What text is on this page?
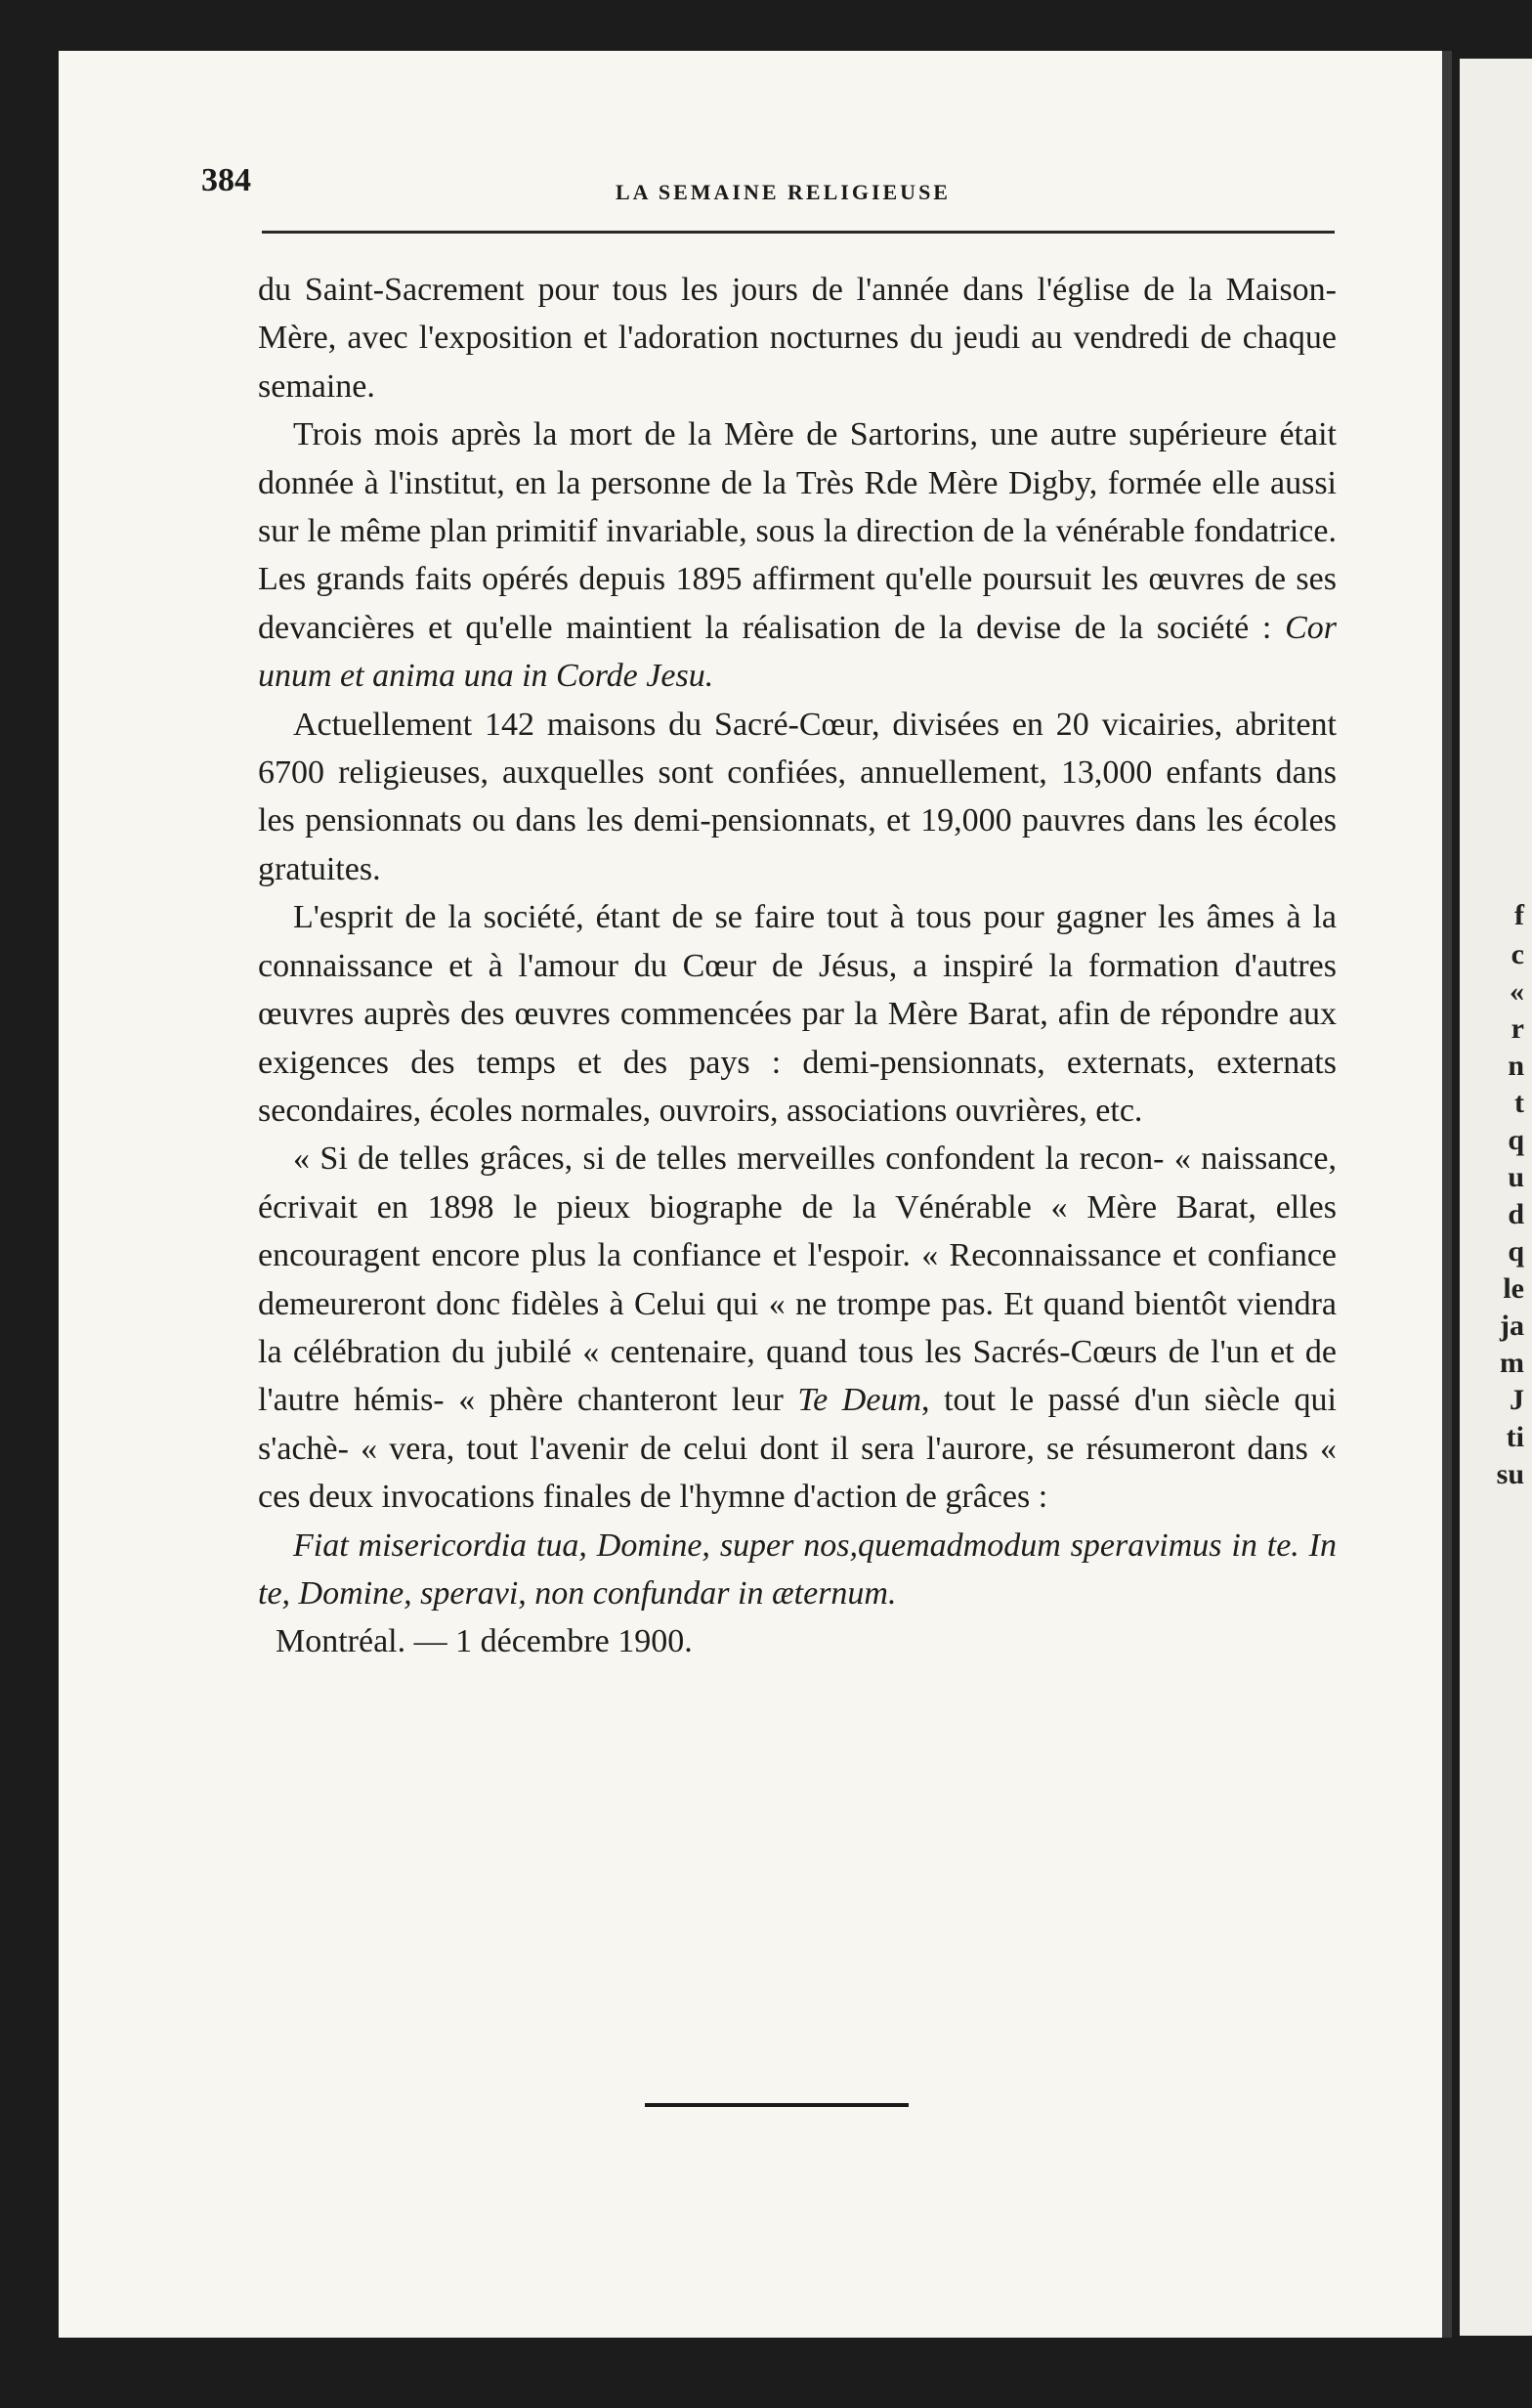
f
c
«
r
n
t
q
u
d
q
le
ja
m
J
ti
su
384	LA SEMAINE RELIGIEUSE

du Saint-Sacrement pour tous les jours de l'année dans l'église de la Maison-Mère, avec l'exposition et l'adoration nocturnes du jeudi au vendredi de chaque semaine.

Trois mois après la mort de la Mère de Sartorins, une autre supérieure était donnée à l'institut, en la personne de la Très Rde Mère Digby, formée elle aussi sur le même plan primitif invariable, sous la direction de la vénérable fondatrice. Les grands faits opérés depuis 1895 affirment qu'elle poursuit les œuvres de ses devancières et qu'elle maintient la réalisation de la devise de la société : Cor unum et anima una in Corde Jesu.

Actuellement 142 maisons du Sacré-Cœur, divisées en 20 vicairies, abritent 6700 religieuses, auxquelles sont confiées, annuellement, 13,000 enfants dans les pensionnats ou dans les demi-pensionnats, et 19,000 pauvres dans les écoles gratuites.

L'esprit de la société, étant de se faire tout à tous pour gagner les âmes à la connaissance et à l'amour du Cœur de Jésus, a inspiré la formation d'autres œuvres auprès des œuvres commencées par la Mère Barat, afin de répondre aux exigences des temps et des pays : demi-pensionnats, externats, externats secondaires, écoles normales, ouvroirs, associations ouvrières, etc.

« Si de telles grâces, si de telles merveilles confondent la recon- « naissance, écrivait en 1898 le pieux biographe de la Vénérable « Mère Barat, elles encouragent encore plus la confiance et l'espoir. « Reconnaissance et confiance demeureront donc fidèles à Celui qui « ne trompe pas. Et quand bientôt viendra la célébration du jubilé « centenaire, quand tous les Sacrés-Cœurs de l'un et de l'autre hémis- « phère chanteront leur Te Deum, tout le passé d'un siècle qui s'achè- « vera, tout l'avenir de celui dont il sera l'aurore, se résumeront dans « ces deux invocations finales de l'hymne d'action de grâces :

Fiat misericordia tua, Domine, super nos,quemadmodum speravimus in te. In te, Domine, speravi, non confundar in æternum.

Montréal. — 1 décembre 1900.
